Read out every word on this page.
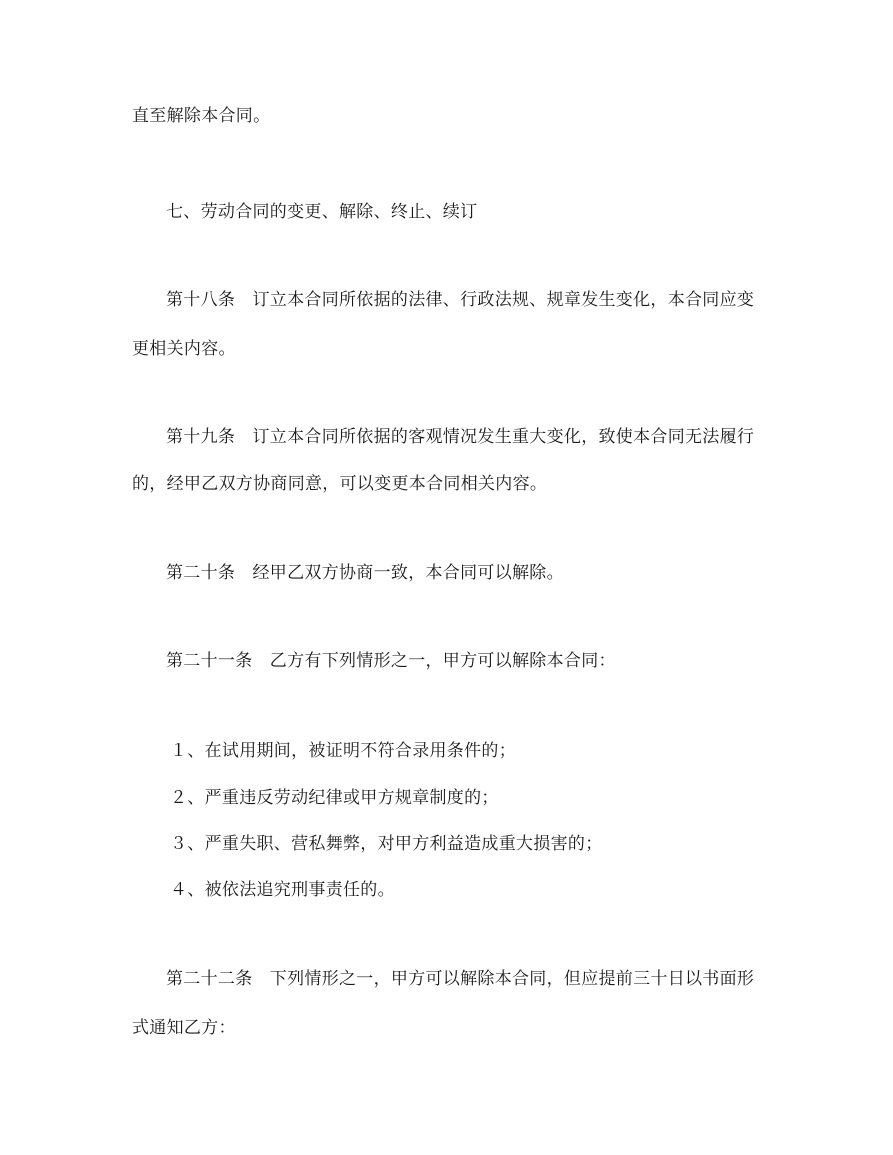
直至解除本合同。
七、劳动合同的变更、解除、终止、续订
第十八条　订立本合同所依据的法律、行政法规、规章发生变化，本合同应变
更相关内容。
第十九条　订立本合同所依据的客观情况发生重大变化，致使本合同无法履行
的，经甲乙双方协商同意，可以变更本合同相关内容。
第二十条　经甲乙双方协商一致，本合同可以解除。
第二十一条　乙方有下列情形之一，甲方可以解除本合同：
１、在试用期间，被证明不符合录用条件的；
２、严重违反劳动纪律或甲方规章制度的；
３、严重失职、营私舞弊，对甲方利益造成重大损害的；
４、被依法追究刑事责任的。
第二十二条　下列情形之一，甲方可以解除本合同，但应提前三十日以书面形
式通知乙方：
